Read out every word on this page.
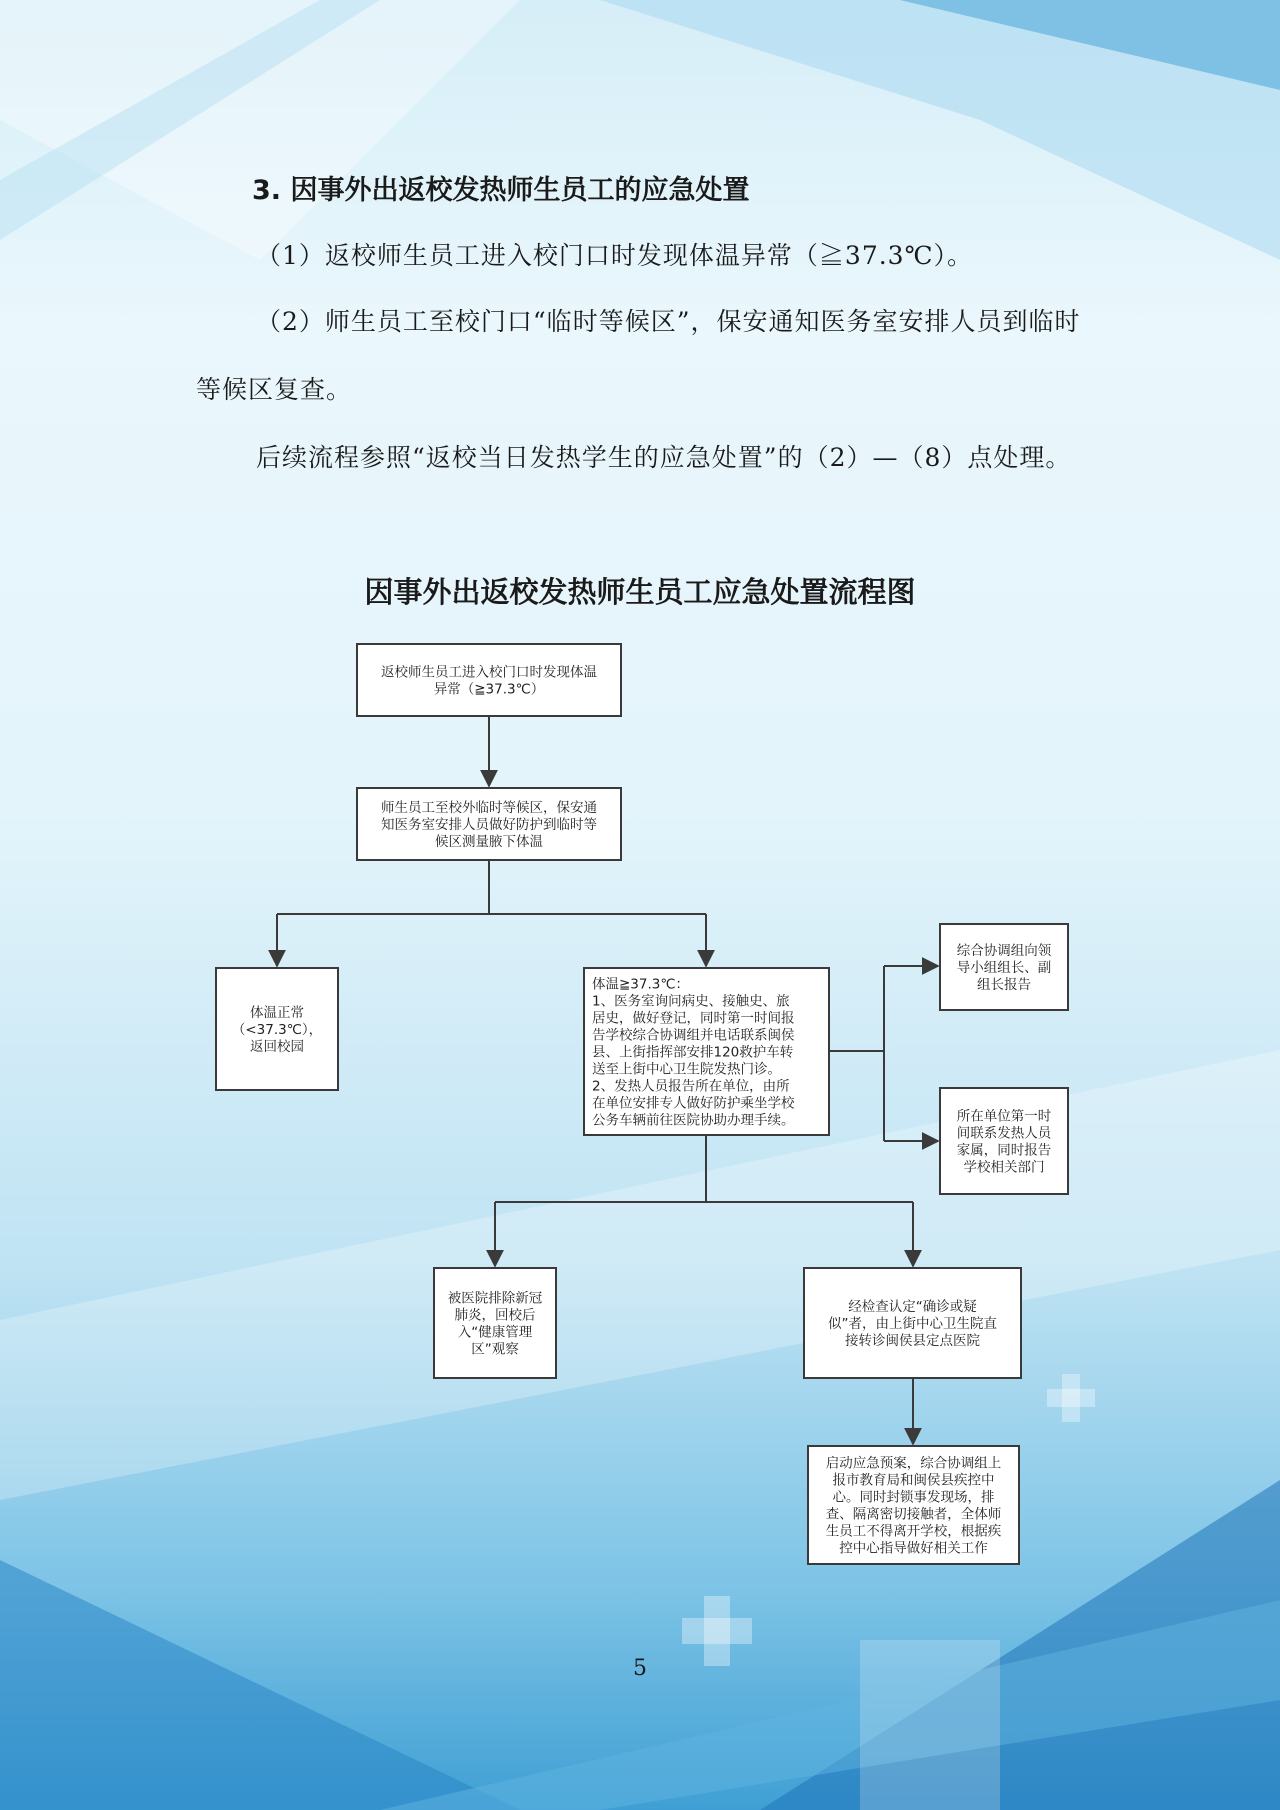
3. 因事外出返校发热师生员工的应急处置

（1）返校师生员工进入校门口时发现体温异常（≧37.3℃）。

（2）师生员工至校门口“临时等候区”，保安通知医务室安排人员到临时等候区复查。

后续流程参照“返校当日发热学生的应急处置”的（2）—（8）点处理。

因事外出返校发热师生员工应急处置流程图
返校师生员工进入校门口时发现体温
异常（≧37.3℃）
师生员工至校外临时等候区，保安通
知医务室安排人员做好防护到临时等
候区测量腋下体温
体温正常
（<37.3℃），
返回校园
体温≧37.3℃：
1、医务室询问病史、接触史、旅
居史，做好登记，同时第一时间报
告学校综合协调组并电话联系闽侯
县、上街指挥部安排120救护车转
送至上街中心卫生院发热门诊。
2、发热人员报告所在单位，由所
在单位安排专人做好防护乘坐学校
公务车辆前往医院协助办理手续。
综合协调组向领
导小组组长、副
组长报告
所在单位第一时
间联系发热人员
家属，同时报告
学校相关部门
被医院排除新冠
肺炎，回校后
入“健康管理
区”观察
经检查认定“确诊或疑
似”者，由上街中心卫生院直
接转诊闽侯县定点医院
启动应急预案，综合协调组上
报市教育局和闽侯县疾控中
心。同时封锁事发现场，排
查、隔离密切接触者，全体师
生员工不得离开学校，根据疾
控中心指导做好相关工作
5
